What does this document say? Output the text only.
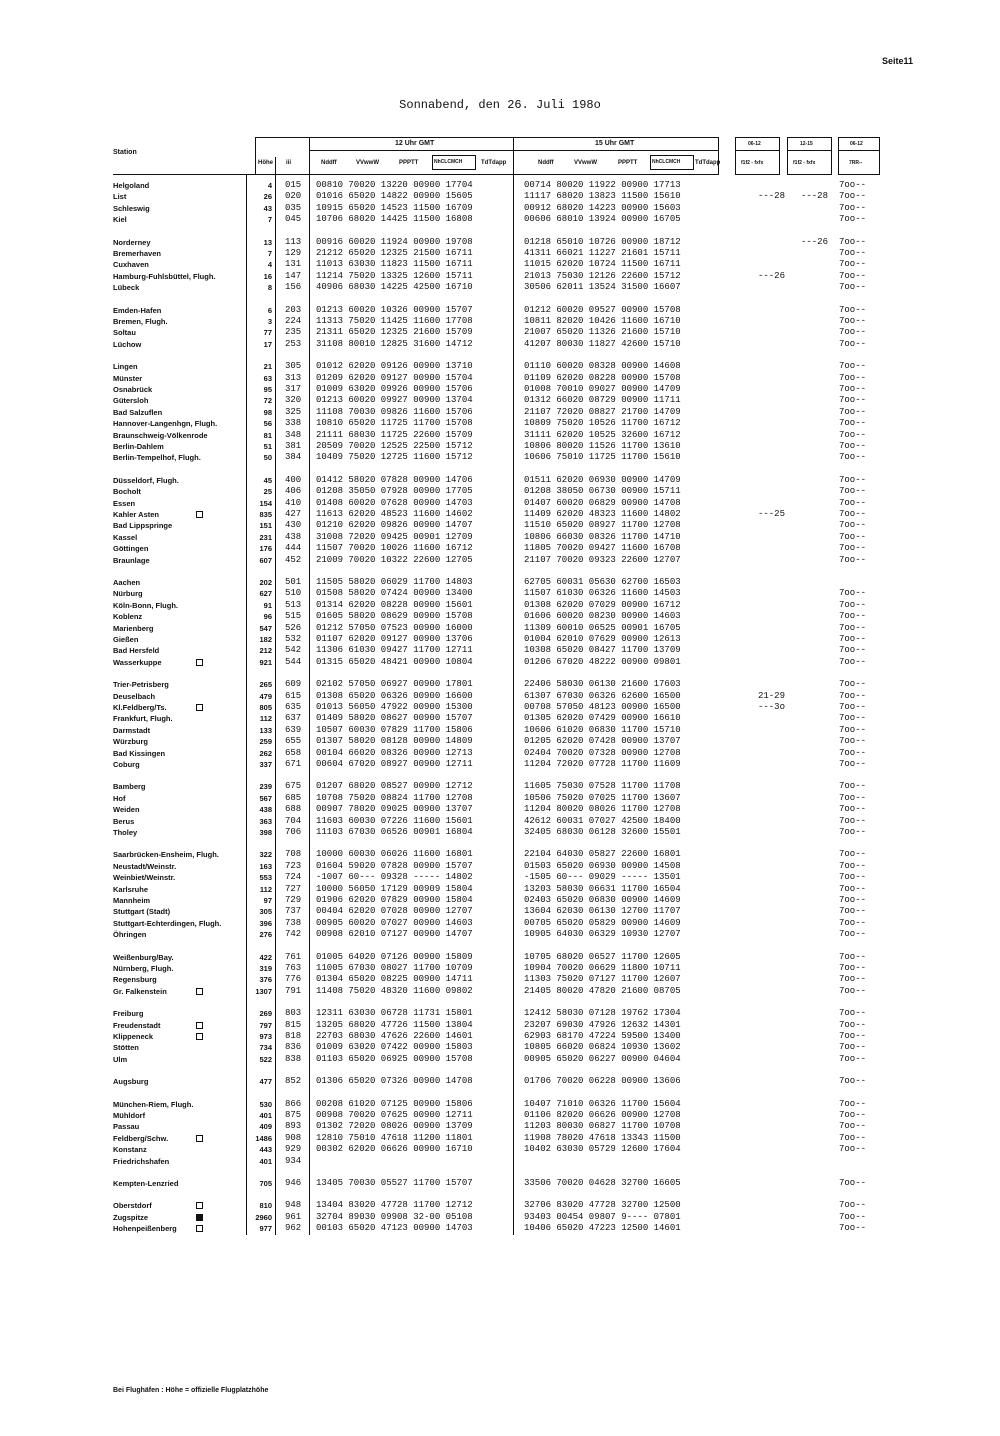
Seite11
Sonnabend, den 26. Juli 198o
Station
Höhe iii
12 Uhr GMT	15 Uhr GMT
Nddff	VVwwW	PPPTT	NhCLCMCH	TdTdapp	Nddff	VVwwW	PPPTT	NhCLCMCH TdTdapp
06-12
f1f2 - fxfx
12-15
f1f2 - fxfx
06-12
7RR--
Helgoland	4 015 00810 70020 13220 00900 17704	00714 80020 11922 00900 17713	7oo--
List	26 020 01016 65020 14822 00900 15605	11117 68020 13823 11500 15610	---28	---28 7oo--
Schleswig	43 035 10915 65020 14523 11500 16709	00912 68020 14223 00900 15603	7oo--
Kiel	7 045 10706 68020 14425 11500 16808	00606 68010 13924 00900 16705	7oo--
Norderney	13 113 00916 60020 11924 00900 19708	01218 65010 10726 00900 18712	---26 7oo--
Bremerhaven	7 129 21212 65020 12325 21500 16711	41311 66021 11227 21601 15711	7oo--
Cuxhaven	4 131 11013 63030 11823 11500 16711	11015 62020 10724 11500 16711	7oo--
Hamburg-Fuhlsbüttel, Flugh.	16 147 11214 75020 13325 12600 15711	21013 75030 12126 22600 15712	---26	7oo--
Lübeck	8 156 40906 68030 14225 42500 16710	30506 62011 13524 31500 16607	7oo--
Emden-Hafen	6 203 01213 60020 10326 00900 15707	01212 60020 09527 00900 15708	7oo--
Bremen, Flugh.	3 224 11313 75020 11425 11600 17708	10811 82020 10426 11600 16710	7oo--
Soltau	77 235 21311 65020 12325 21600 15709	21007 65020 11326 21600 15710	7oo--
Lüchow	17 253 31108 80010 12825 31600 14712	41207 80030 11827 42600 15710	7oo--
Lingen	21 305 01012 62020 09126 00900 13710	01110 60020 08328 00900 14608	7oo--
Münster	63 313 01209 62020 09127 00900 15704	01109 62020 08228 00900 15708	7oo--
Osnabrück	95 317 01009 63020 09926 00900 15706	01008 70010 09027 00900 14709	7oo--
Gütersloh	72 320 01213 60020 09927 00900 13704	01312 66020 08729 00900 11711	7oo--
Bad Salzuflen	98 325 11108 70030 09826 11600 15706	21107 72020 08827 21700 14709	7oo--
Hannover-Langenhgn, Flugh.	56 338 10810 65020 11725 11700 15708	10809 75020 10526 11700 16712	7oo--
Braunschweig-Völkenrode	81 348 21111 68030 11725 22600 15709	31111 62020 10525 32600 16712	7oo--
Berlin-Dahlem	51 381 20509 70020 12525 22500 15712	10806 80020 11526 11700 13610	7oo--
Berlin-Tempelhof, Flugh.	50 384 10409 75020 12725 11600 15712	10606 75010 11725 11700 15610	7oo--
Düsseldorf, Flugh.	45 400 01412 58020 07828 00900 14706	01511 62020 06930 00900 14709	7oo--
Bocholt	25 406 01208 35050 07928 00900 17705	01208 38050 06730 00900 15711	7oo--
Essen	154 410 01408 60020 07628 00900 14703	01407 60020 06829 00900 14708	7oo--
Kahler Asten	835 427 11613 62020 48523 11600 14602	11409 62020 48323 11600 14802	---25	7oo--
Bad Lippspringe	151 430 01210 62020 09826 00900 14707	11510 65020 08927 11700 12708	7oo--
Kassel	231 438 31008 72020 09425 00901 12709	10806 66030 08326 11700 14710	7oo--
Göttingen	176 444 11507 70020 10026 11600 16712	11805 70020 09427 11600 16708	7oo--
Braunlage	607 452 21009 70020 10322 22600 12705	21107 70020 09323 22600 12707	7oo--
Aachen	202 501 11505 58020 06029 11700 14803	62705 60031 05630 62700 16503
Nürburg	627 510 01508 58020 07424 00900 13400	11507 61030 06326 11600 14503	7oo--
Köln-Bonn, Flugh.	91 513 01314 62020 08228 00900 15601	01308 62020 07029 00900 16712	7oo--
Koblenz	96 515 01605 58020 08629 00900 15708	01606 60020 08230 00900 14603	7oo--
Marienberg	547 526 01212 57050 07523 00900 16000	11309 60010 06525 00901 16705	7oo--
Gießen	182 532 01107 62020 09127 00900 13706	01004 62010 07629 00900 12613	7oo--
Bad Hersfeld	212 542 11306 61030 09427 11700 12711	10308 65020 08427 11700 13709	7oo--
Wasserkuppe	921 544 01315 65020 48421 00900 10804	01206 67020 48222 00900 09801	7oo--
Trier-Petrisberg	265 609 02102 57050 06927 00900 17801	22406 58030 06130 21600 17603	7oo--
Deuselbach	479 615 01308 65020 06326 00900 16600	61307 67030 06326 62600 16500	21-29	7oo--
Kl.Feldberg/Ts.	805 635 01013 56050 47922 00900 15300	00708 57050 48123 00900 16500	---3o	7oo--
Frankfurt, Flugh.	112 637 01409 58020 08627 00900 15707	01305 62020 07429 00900 16610	7oo--
Darmstadt	133 639 10507 60030 07829 11700 15806	10606 61020 06830 11700 15710	7oo--
Würzburg	259 655 01307 58020 08128 00900 14809	01205 62020 07428 00900 13707	7oo--
Bad Kissingen	262 658 00104 66020 08326 00900 12713	02404 70020 07328 00900 12708	7oo--
Coburg	337 671 00604 67020 08927 00900 12711	11204 72020 07728 11700 11609	7oo--
Bamberg	239 675 01207 68020 08527 00900 12712	11605 75030 07528 11700 11708	7oo--
Hof	567 685 10708 75020 08824 11700 12708	10506 75020 07025 11700 13607	7oo--
Weiden	438 688 00907 78020 09025 00900 13707	11204 80020 08026 11700 12708	7oo--
Berus	363 704 11603 60030 07226 11600 15601	42612 60031 07027 42500 18400	7oo--
Tholey	398 706 11103 67030 06526 00901 16804	32405 68030 06128 32600 15501	7oo--
Saarbrücken-Ensheim, Flugh.	322 708 10000 60030 06026 11600 16801	22104 64030 05827 22600 16801	7oo--
Neustadt/Weinstr.	163 723 01604 59020 07828 00900 15707	01503 65020 06930 00900 14508	7oo--
Weinbiet/Weinstr.	553 724 -1007 60--- 09328 ----- 14802	-1505 60--- 09029 ----- 13501	7oo--
Karlsruhe	112 727 10000 56050 17129 00909 15804	13203 58030 06631 11700 16504	7oo--
Mannheim	97 729 01906 62020 07829 00900 15804	02403 65020 06830 00900 14609	7oo--
Stuttgart (Stadt)	305 737 00404 62020 07028 00900 12707	13604 62030 06130 12700 11707	7oo--
Stuttgart-Echterdingen, Flugh.	396 738 00905 60020 07027 00900 14603	00705 65020 05829 00900 14609	7oo--
Öhringen	276 742 00908 62010 07127 00900 14707	10905 64030 06329 10930 12707	7oo--
Weißenburg/Bay.	422 761 01005 64020 07126 00900 15809	10705 68020 06527 11700 12605	7oo--
Nürnberg, Flugh.	319 763 11005 67030 08027 11700 10709	10904 70020 06629 11800 10711	7oo--
Regensburg	376 776 01304 65020 08225 00900 14711	11303 75020 07127 11700 12607	7oo--
Gr. Falkenstein	1307 791 11408 75020 48320 11600 09802	21405 80020 47820 21600 08705	7oo--
Freiburg	269 803 12311 63030 06728 11731 15801	12412 58030 07128 19762 17304	7oo--
Freudenstadt	797 815 13205 68020 47726 11500 13804	23207 69030 47926 12632 14301	7oo--
Klippeneck	973 818 22703 68030 47626 22600 14601	62903 68170 47224 59500 13400	7oo--
Stötten	734 836 01009 63020 07422 00900 15803	10805 66020 06824 10930 13602	7oo--
Ulm	522 838 01103 65020 06925 00900 15708	00905 65020 06227 00900 04604	7oo--
Augsburg	477 852 01306 65020 07326 00900 14708	01706 70020 06228 00900 13606	7oo--
München-Riem, Flugh.	530 866 00208 61020 07125 00900 15806	10407 71010 06326 11700 15604	7oo--
Mühldorf	401 875 00908 70020 07625 00900 12711	01106 82020 06626 00900 12708	7oo--
Passau	409 893 01302 72020 08026 00900 13709	11203 80030 06827 11700 10708	7oo--
Feldberg/Schw.	1486 908 12810 75010 47618 11200 11801	11908 78020 47618 13343 11500	7oo--
Konstanz	443 929 00302 62020 06626 00900 16710	10402 63030 05729 12600 17604	7oo--
Friedrichshafen	401 934
Kempten-Lenzried	705 946 13405 70030 05527 11700 15707	33506 70020 04628 32700 16605	7oo--
Oberstdorf	810 948 13404 83020 47728 11700 12712	32706 83020 47728 32700 12500	7oo--
Zugspitze	2960 961 32704 89030 09908 32-00 05108	93403 00454 09807 9---- 07801	7oo--
Hohenpeißenberg	977 962 00103 65020 47123 00900 14703	10406 65020 47223 12500 14601	7oo--
Bei Flughäfen : Höhe = offizielle Flugplatzhöhe
